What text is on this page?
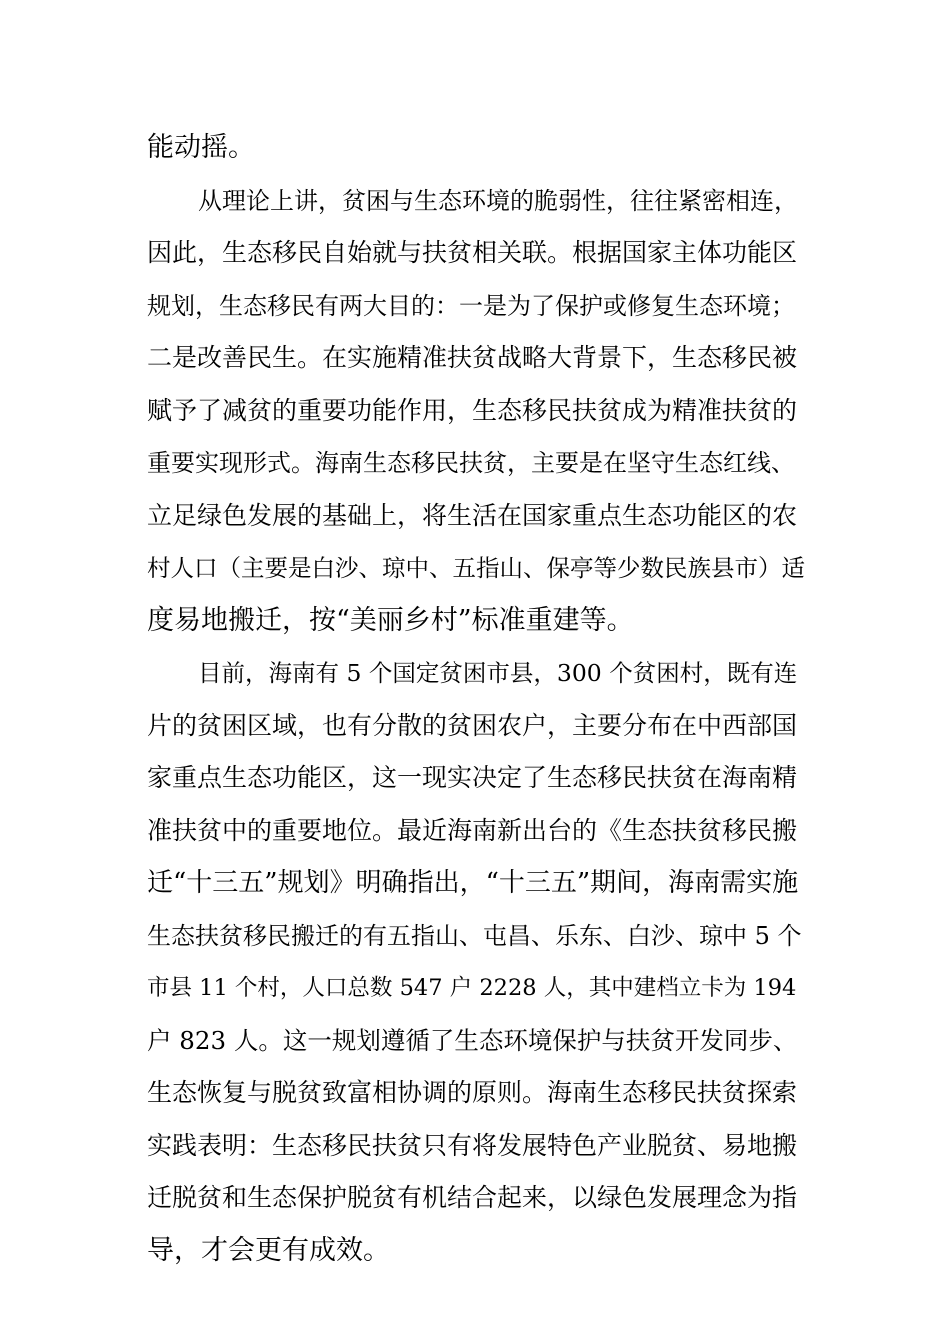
能动摇。
从理论上讲，贫困与生态环境的脆弱性，往往紧密相连，
因此，生态移民自始就与扶贫相关联。根据国家主体功能区
规划，生态移民有两大目的：一是为了保护或修复生态环境；
二是改善民生。在实施精准扶贫战略大背景下，生态移民被
赋予了减贫的重要功能作用，生态移民扶贫成为精准扶贫的
重要实现形式。海南生态移民扶贫，主要是在坚守生态红线、
立足绿色发展的基础上，将生活在国家重点生态功能区的农
村人口（主要是白沙、琼中、五指山、保亭等少数民族县市）适
度易地搬迁，按“美丽乡村”标准重建等。
目前，海南有 5 个国定贫困市县，300 个贫困村，既有连
片的贫困区域，也有分散的贫困农户，主要分布在中西部国
家重点生态功能区，这一现实决定了生态移民扶贫在海南精
准扶贫中的重要地位。最近海南新出台的《生态扶贫移民搬
迁“十三五”规划》明确指出，“十三五”期间，海南需实施
生态扶贫移民搬迁的有五指山、屯昌、乐东、白沙、琼中 5 个
市县 11 个村，人口总数 547 户 2228 人，其中建档立卡为 194
户 823 人。这一规划遵循了生态环境保护与扶贫开发同步、
生态恢复与脱贫致富相协调的原则。海南生态移民扶贫探索
实践表明：生态移民扶贫只有将发展特色产业脱贫、易地搬
迁脱贫和生态保护脱贫有机结合起来，以绿色发展理念为指
导，才会更有成效。
